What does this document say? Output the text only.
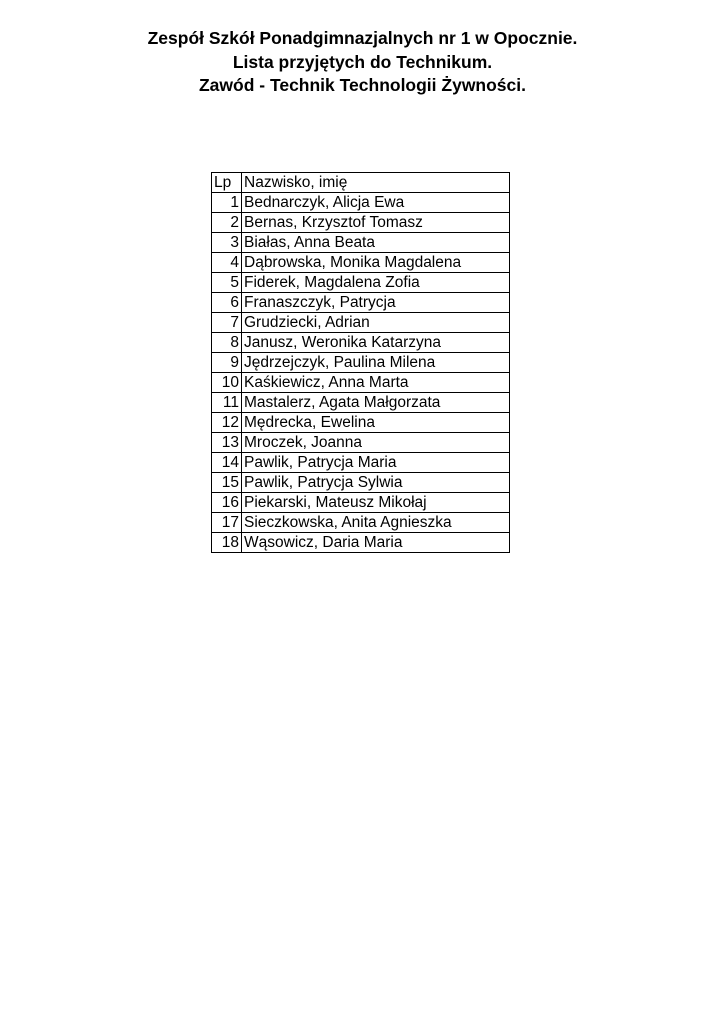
Zespół Szkół Ponadgimnazjalnych nr 1 w Opocznie.
Lista przyjętych do Technikum.
Zawód - Technik Technologii Żywności.
Lp	Nazwisko, imię
1	Bednarczyk, Alicja Ewa
2	Bernas, Krzysztof Tomasz
3	Białas, Anna Beata
4	Dąbrowska, Monika Magdalena
5	Fiderek, Magdalena Zofia
6	Franaszczyk, Patrycja
7	Grudziecki, Adrian
8	Janusz, Weronika Katarzyna
9	Jędrzejczyk, Paulina Milena
10	Kaśkiewicz, Anna Marta
11	Mastalerz, Agata Małgorzata
12	Mędrecka, Ewelina
13	Mroczek, Joanna
14	Pawlik, Patrycja Maria
15	Pawlik, Patrycja Sylwia
16	Piekarski, Mateusz Mikołaj
17	Sieczkowska, Anita Agnieszka
18	Wąsowicz, Daria Maria
